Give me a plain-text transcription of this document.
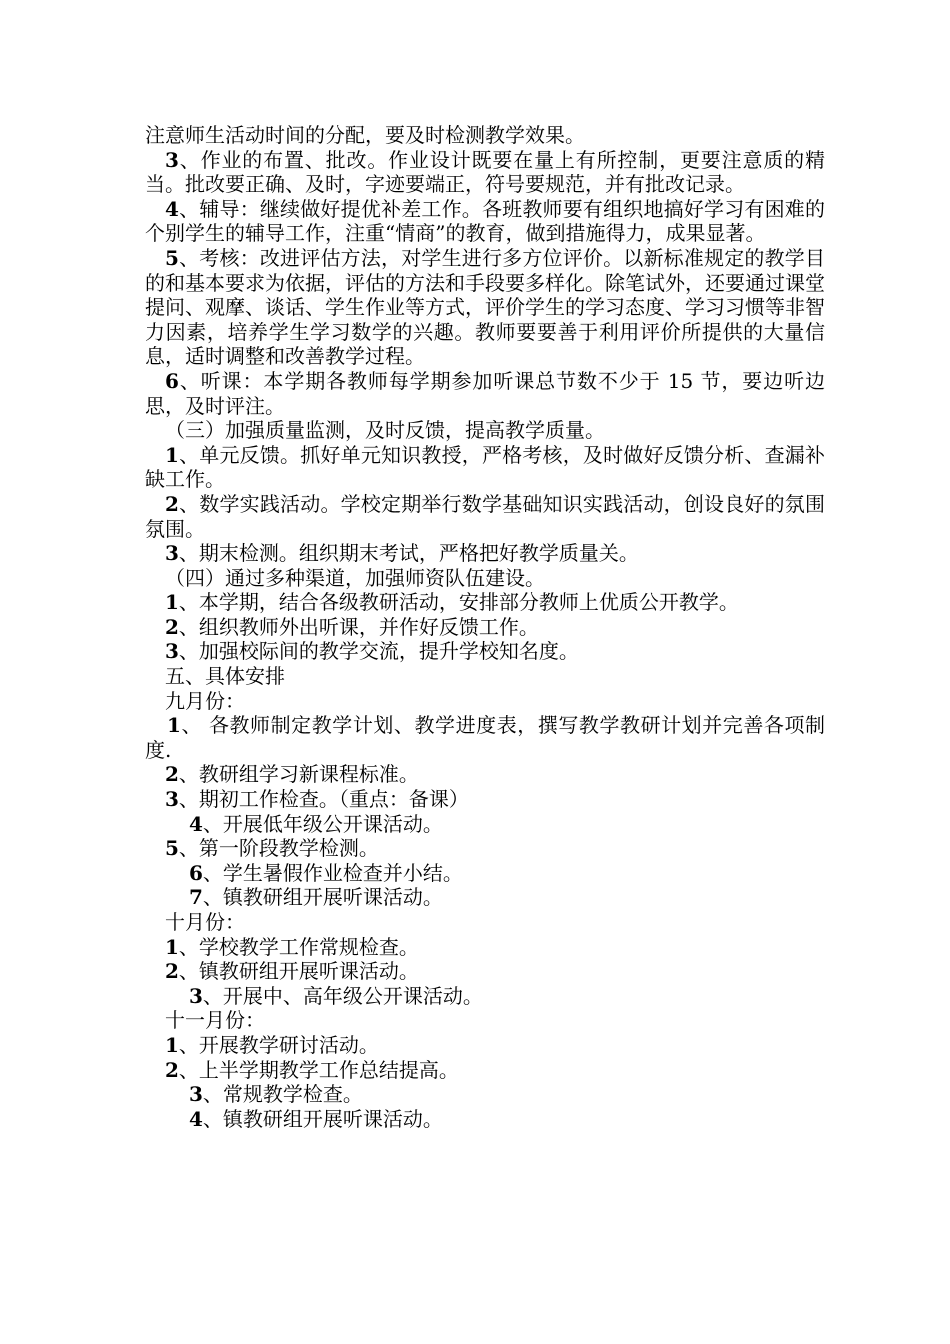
注意师生活动时间的分配，要及时检测教学效果。

3、作业的布置、批改。作业设计既要在量上有所控制，更要注意质的精当。批改要正确、及时，字迹要端正，符号要规范，并有批改记录。

4、辅导：继续做好提优补差工作。各班教师要有组织地搞好学习有困难的个别学生的辅导工作，注重“情商”的教育，做到措施得力，成果显著。

5、考核：改进评估方法，对学生进行多方位评价。以新标准规定的教学目的和基本要求为依据，评估的方法和手段要多样化。除笔试外，还要通过课堂提问、观摩、谈话、学生作业等方式，评价学生的学习态度、学习习惯等非智力因素，培养学生学习数学的兴趣。教师要要善于利用评价所提供的大量信息，适时调整和改善教学过程。

6、听课：本学期各教师每学期参加听课总节数不少于 15 节，要边听边思，及时评注。

（三）加强质量监测，及时反馈，提高教学质量。

1、单元反馈。抓好单元知识教授，严格考核，及时做好反馈分析、查漏补缺工作。

2、数学实践活动。学校定期举行数学基础知识实践活动，创设良好的氛围氛围。

3、期末检测。组织期末考试，严格把好教学质量关。

（四）通过多种渠道，加强师资队伍建设。

1、本学期，结合各级教研活动，安排部分教师上优质公开教学。

2、组织教师外出听课，并作好反馈工作。

3、加强校际间的教学交流，提升学校知名度。

五、具体安排

九月份：

1、 各教师制定教学计划、教学进度表，撰写教学教研计划并完善各项制度.

2、教研组学习新课程标准。

3、期初工作检查。（重点：备课）

4、开展低年级公开课活动。

5、第一阶段教学检测。

6、学生暑假作业检查并小结。

7、镇教研组开展听课活动。

十月份：

1、学校教学工作常规检查。

2、镇教研组开展听课活动。

3、开展中、高年级公开课活动。

十一月份：

1、开展教学研讨活动。

2、上半学期教学工作总结提高。

3、常规教学检查。

4、镇教研组开展听课活动。
